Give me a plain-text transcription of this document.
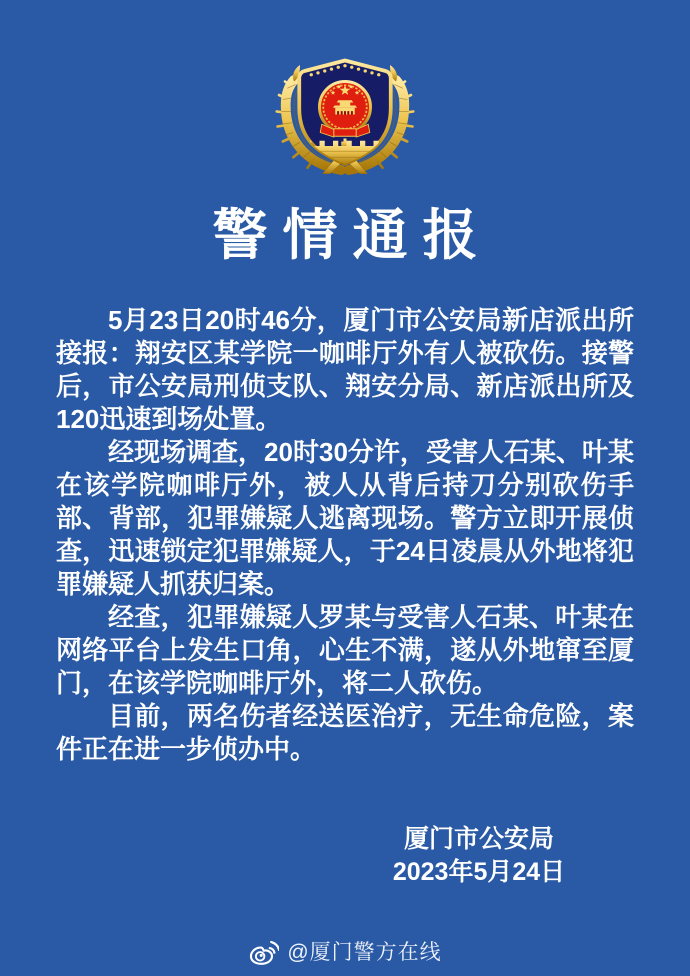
警情通报

5月23日20时46分，厦门市公安局新店派出所接报：翔安区某学院一咖啡厅外有人被砍伤。接警后，市公安局刑侦支队、翔安分局、新店派出所及120迅速到场处置。

经现场调查，20时30分许，受害人石某、叶某在该学院咖啡厅外，被人从背后持刀分别砍伤手部、背部，犯罪嫌疑人逃离现场。警方立即开展侦查，迅速锁定犯罪嫌疑人，于24日凌晨从外地将犯罪嫌疑人抓获归案。

经查，犯罪嫌疑人罗某与受害人石某、叶某在网络平台上发生口角，心生不满，遂从外地窜至厦门，在该学院咖啡厅外，将二人砍伤。

目前，两名伤者经送医治疗，无生命危险，案件正在进一步侦办中。

厦门市公安局
2023年5月24日
@厦门警方在线
